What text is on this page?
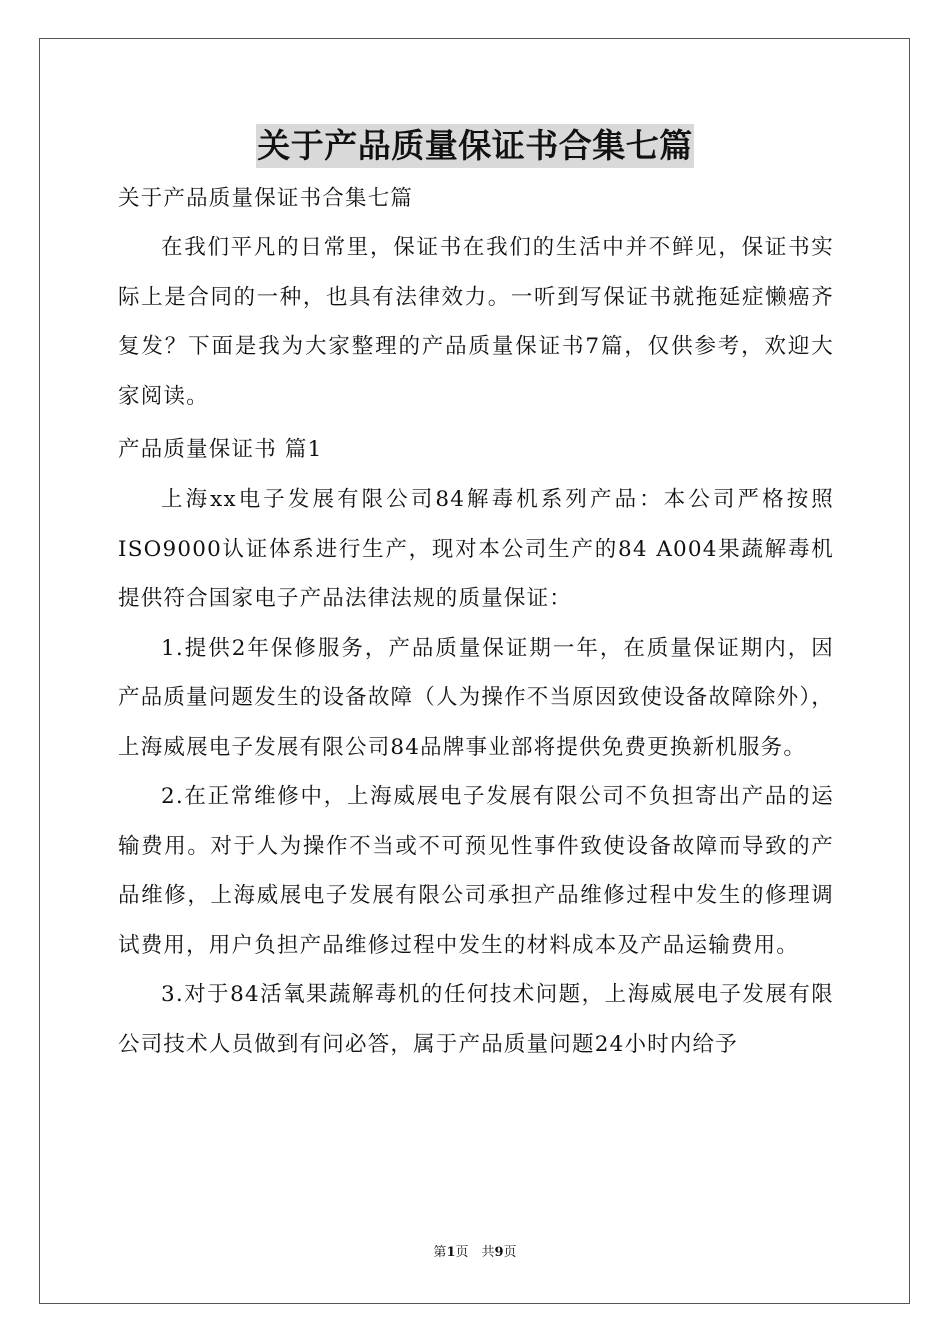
关于产品质量保证书合集七篇
关于产品质量保证书合集七篇

在我们平凡的日常里，保证书在我们的生活中并不鲜见，保证书实际上是合同的一种，也具有法律效力。一听到写保证书就拖延症懒癌齐复发？下面是我为大家整理的产品质量保证书7篇，仅供参考，欢迎大家阅读。

产品质量保证书 篇1

上海xx电子发展有限公司84解毒机系列产品：本公司严格按照ISO9000认证体系进行生产，现对本公司生产的84 A004果蔬解毒机提供符合国家电子产品法律法规的质量保证：

1.提供2年保修服务，产品质量保证期一年，在质量保证期内，因产品质量问题发生的设备故障（人为操作不当原因致使设备故障除外），上海威展电子发展有限公司84品牌事业部将提供免费更换新机服务。

2.在正常维修中，上海威展电子发展有限公司不负担寄出产品的运输费用。对于人为操作不当或不可预见性事件致使设备故障而导致的产品维修，上海威展电子发展有限公司承担产品维修过程中发生的修理调试费用，用户负担产品维修过程中发生的材料成本及产品运输费用。

3.对于84活氧果蔬解毒机的任何技术问题，上海威展电子发展有限公司技术人员做到有问必答，属于产品质量问题24小时内给予

第1页　共9页
